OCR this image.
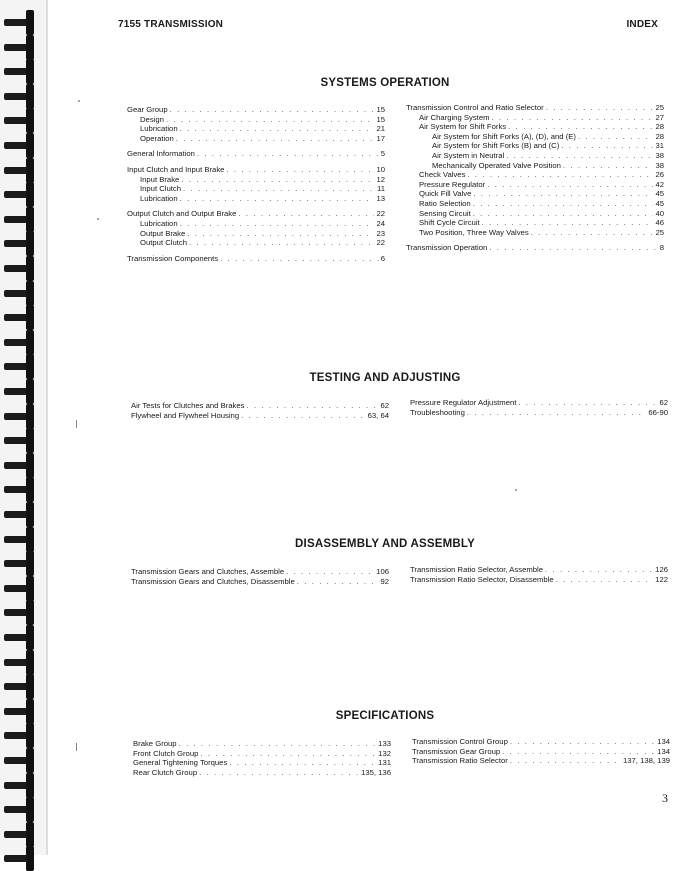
7155 TRANSMISSION	INDEX
SYSTEMS OPERATION
Gear Group . . .	15
Design . . .	15
Lubrication . . .	21
Operation . . .	17
General Information . . .	5
Input Clutch and Input Brake . . .	10
Input Brake . . .	12
Input Clutch . . .	11
Lubrication . . .	13
Output Clutch and Output Brake . . .	22
Lubrication . . .	24
Output Brake . . .	23
Output Clutch . . .	22
Transmission Components . . .	6
Transmission Control and Ratio Selector . . .	25
Air Charging System . . .	27
Air System for Shift Forks . . .	28
Air System for Shift Forks (A), (D), and (E) . . .	28
Air System for Shift Forks (B) and (C) . . .	31
Air System in Neutral . . .	38
Mechanically Operated Valve Position . . .	38
Check Valves . . .	26
Pressure Regulator . . .	42
Quick Fill Valve . . .	45
Ratio Selection . . .	45
Sensing Circuit . . .	40
Shift Cycle Circuit . . .	46
Two Position, Three Way Valves . . .	25
Transmission Operation . . .	8
TESTING AND ADJUSTING
Air Tests for Clutches and Brakes . . .	62
Flywheel and Flywheel Housing . . .	63, 64
Pressure Regulator Adjustment . . .	62
Troubleshooting . . .	66-90
DISASSEMBLY AND ASSEMBLY
Transmission Gears and Clutches, Assemble . . .	106
Transmission Gears and Clutches, Disassemble . . .	92
Transmission Ratio Selector, Assemble . . .	126
Transmission Ratio Selector, Disassemble . . .	122
SPECIFICATIONS
Brake Group . . .	133
Front Clutch Group . . .	132
General Tightening Torques . . .	131
Rear Clutch Group . . .	135, 136
Transmission Control Group . . .	134
Transmission Gear Group . . .	134
Transmission Ratio Selector . . .	137, 138, 139
3
